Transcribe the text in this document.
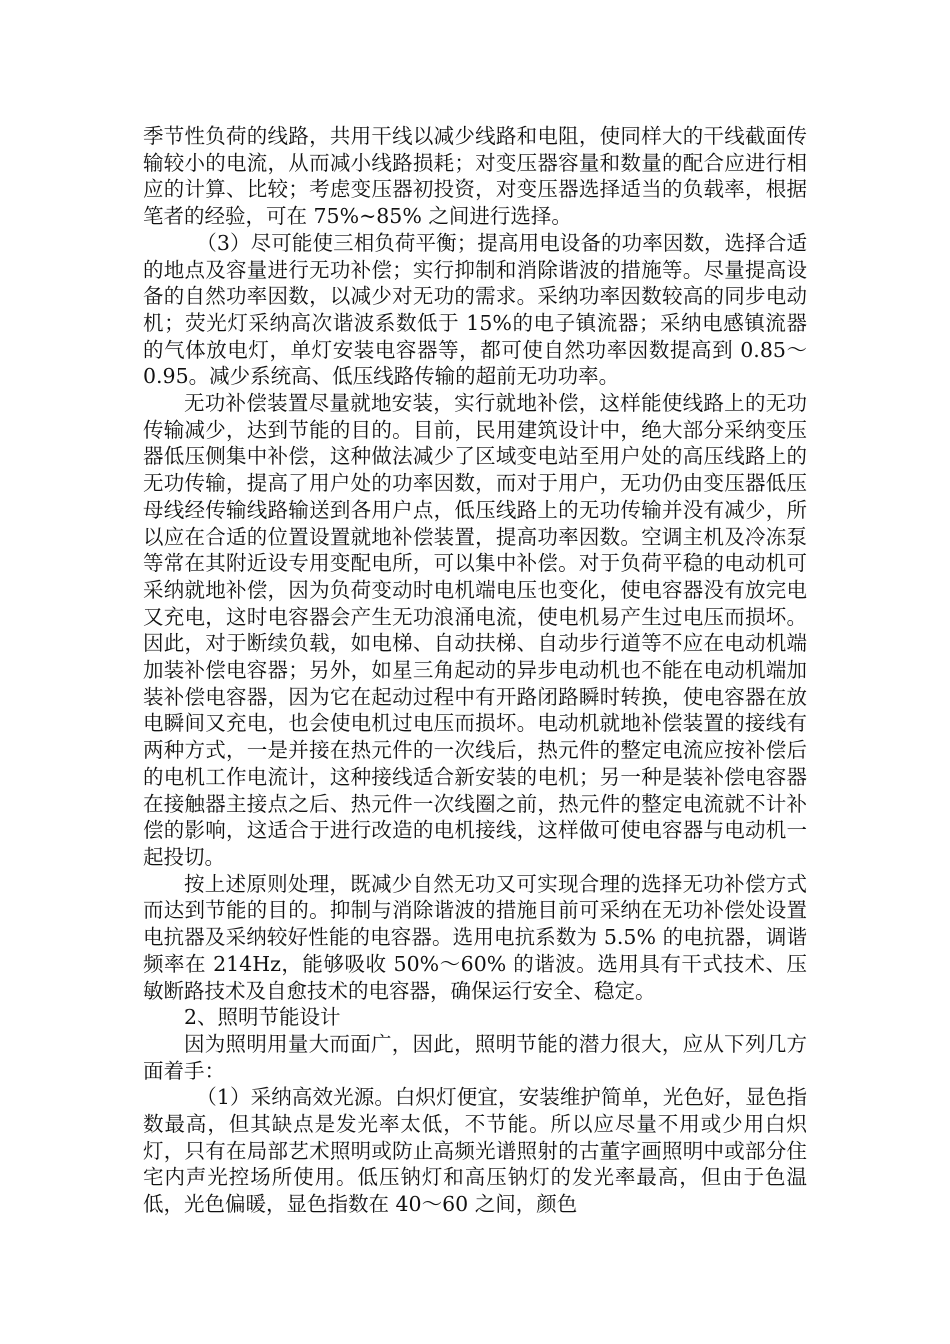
季节性负荷的线路，共用干线以减少线路和电阻，使同样大的干线截面传输较小的电流，从而减小线路损耗；对变压器容量和数量的配合应进行相应的计算、比较；考虑变压器初投资，对变压器选择适当的负载率，根据笔者的经验，可在 75%~85% 之间进行选择。

（3）尽可能使三相负荷平衡；提高用电设备的功率因数，选择合适的地点及容量进行无功补偿；实行抑制和消除谐波的措施等。尽量提高设备的自然功率因数，以减少对无功的需求。采纳功率因数较高的同步电动机；荧光灯采纳高次谐波系数低于 15%的电子镇流器；采纳电感镇流器的气体放电灯，单灯安装电容器等，都可使自然功率因数提高到 0.85～0.95。减少系统高、低压线路传输的超前无功功率。

无功补偿装置尽量就地安装，实行就地补偿，这样能使线路上的无功传输减少，达到节能的目的。目前，民用建筑设计中，绝大部分采纳变压器低压侧集中补偿，这种做法减少了区域变电站至用户处的高压线路上的无功传输，提高了用户处的功率因数，而对于用户，无功仍由变压器低压母线经传输线路输送到各用户点，低压线路上的无功传输并没有减少，所以应在合适的位置设置就地补偿装置，提高功率因数。空调主机及冷冻泵等常在其附近设专用变配电所，可以集中补偿。对于负荷平稳的电动机可采纳就地补偿，因为负荷变动时电机端电压也变化，使电容器没有放完电又充电，这时电容器会产生无功浪涌电流，使电机易产生过电压而损坏。因此，对于断续负载，如电梯、自动扶梯、自动步行道等不应在电动机端加装补偿电容器；另外，如星三角起动的异步电动机也不能在电动机端加装补偿电容器，因为它在起动过程中有开路闭路瞬时转换，使电容器在放电瞬间又充电，也会使电机过电压而损坏。电动机就地补偿装置的接线有两种方式，一是并接在热元件的一次线后，热元件的整定电流应按补偿后的电机工作电流计，这种接线适合新安装的电机；另一种是装补偿电容器在接触器主接点之后、热元件一次线圈之前，热元件的整定电流就不计补偿的影响，这适合于进行改造的电机接线，这样做可使电容器与电动机一起投切。

按上述原则处理，既减少自然无功又可实现合理的选择无功补偿方式而达到节能的目的。抑制与消除谐波的措施目前可采纳在无功补偿处设置电抗器及采纳较好性能的电容器。选用电抗系数为 5.5% 的电抗器，调谐频率在 214Hz，能够吸收 50%～60% 的谐波。选用具有干式技术、压敏断路技术及自愈技术的电容器，确保运行安全、稳定。

2、照明节能设计

因为照明用量大而面广，因此，照明节能的潜力很大，应从下列几方面着手：

（1）采纳高效光源。白炽灯便宜，安装维护简单，光色好，显色指数最高，但其缺点是发光率太低，不节能。所以应尽量不用或少用白炽灯，只有在局部艺术照明或防止高频光谱照射的古董字画照明中或部分住宅内声光控场所使用。低压钠灯和高压钠灯的发光率最高，但由于色温低，光色偏暖，显色指数在 40～60 之间，颜色
